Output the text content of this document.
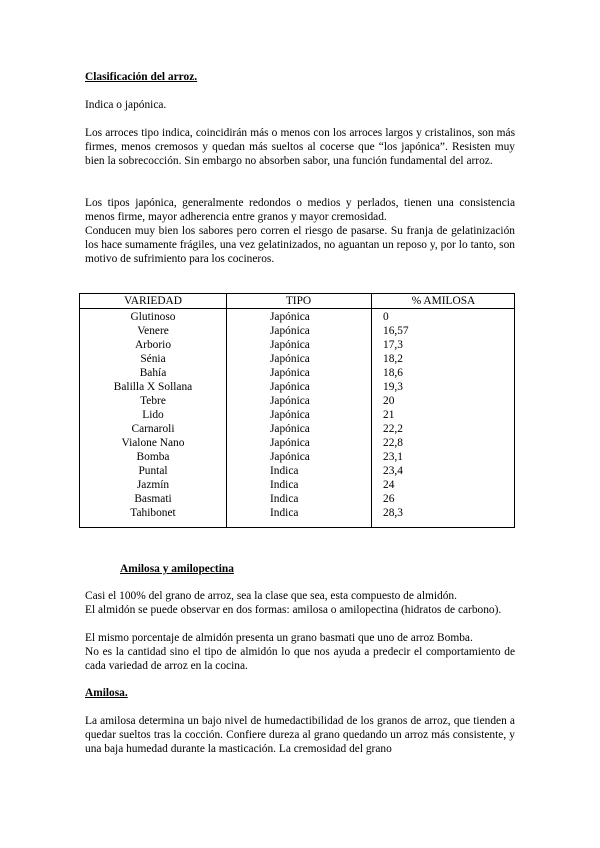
Clasificación del arroz.

Indica o japónica.

Los arroces tipo indica, coincidirán más o menos con los arroces largos y cristalinos, son más firmes, menos cremosos y quedan más sueltos al cocerse que “los japónica”. Resisten muy bien la sobrecocción. Sin embargo no absorben sabor, una función fundamental del arroz.

Los tipos japónica, generalmente redondos o medios y perlados, tienen una consistencia menos firme, mayor adherencia entre granos y mayor cremosidad.

Conducen muy bien los sabores pero corren el riesgo de pasarse. Su franja de gelatinización los hace sumamente frágiles, una vez gelatinizados, no aguantan un reposo y, por lo tanto, son motivo de sufrimiento para los cocineros.

VARIEDAD	TIPO	% AMILOSA
Glutinoso	Japónica	0
Venere	Japónica	16,57
Arborio	Japónica	17,3
Sénia	Japónica	18,2
Bahía	Japónica	18,6
Balilla X Sollana	Japónica	19,3
Tebre	Japónica	20
Lido	Japónica	21
Carnaroli	Japónica	22,2
Vialone Nano	Japónica	22,8
Bomba	Japónica	23,1
Puntal	Indica	23,4
Jazmín	Indica	24
Basmati	Indica	26
Tahibonet	Indica	28,3

Amilosa y amilopectina

Casi el 100% del grano de arroz, sea la clase que sea, esta compuesto de almidón.

El almidón se puede observar en dos formas: amilosa o amilopectina (hidratos de carbono).

El mismo porcentaje de almidón presenta un grano basmati que uno de arroz Bomba.

No es la cantidad sino el tipo de almidón lo que nos ayuda a predecir el comportamiento de cada variedad de arroz en la cocina.

Amilosa.

La amilosa determina un bajo nivel de humedactibilidad de los granos de arroz, que tienden a quedar sueltos tras la cocción. Confiere dureza al grano quedando un arroz más consistente, y una baja humedad durante la masticación. La cremosidad del grano
